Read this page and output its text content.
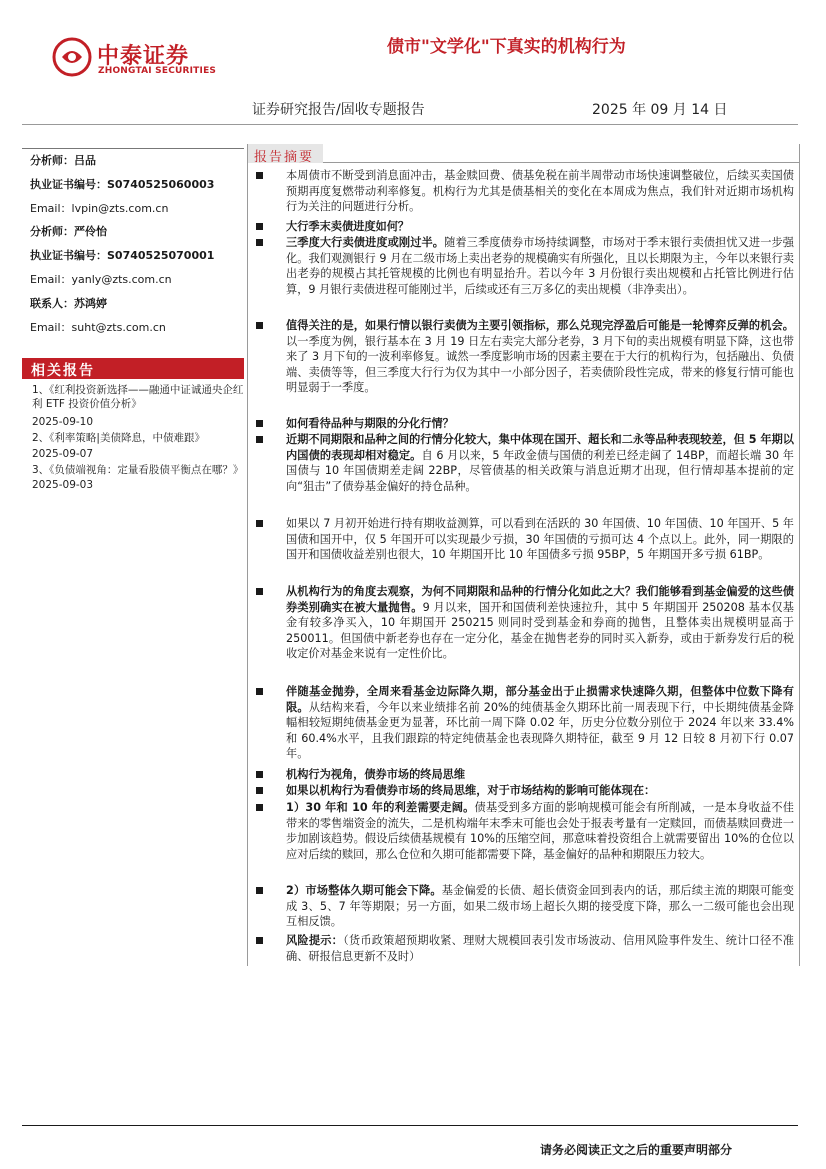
中泰证券
ZHONGTAI SECURITIES
债市"文学化"下真实的机构行为
证券研究报告/固收专题报告	2025 年 09 月 14 日
分析师：吕品
执业证书编号：S0740525060003
Email：lvpin@zts.com.cn
分析师：严伶怡
执业证书编号：S0740525070001
Email：yanly@zts.com.cn
联系人：苏鸿婷
Email：suht@zts.com.cn
相关报告
1、《红利投资新选择——融通中证诚通央企红利 ETF 投资价值分析》
2025-09-10
2、《利率策略|美债降息，中债难跟》
2025-09-07
3、《负债端视角：定量看股债平衡点在哪？》
2025-09-03
报告摘要
本周债市不断受到消息面冲击，基金赎回费、债基免税在前半周带动市场快速调整破位，后续买卖国债预期再度复燃带动利率修复。机构行为尤其是债基相关的变化在本周成为焦点，我们针对近期市场机构行为关注的问题进行分析。
大行季末卖债进度如何？
三季度大行卖债进度或刚过半。随着三季度债券市场持续调整，市场对于季末银行卖债担忧又进一步强化。我们观测银行 9 月在二级市场上卖出老券的规模确实有所强化，且以长期限为主，今年以来银行卖出老券的规模占其托管规模的比例也有明显抬升。若以今年 3 月份银行卖出规模和占托管比例进行估算，9 月银行卖债进程可能刚过半，后续或还有三万多亿的卖出规模（非净卖出）。
值得关注的是，如果行情以银行卖债为主要引领指标，那么兑现完浮盈后可能是一轮博弈反弹的机会。以一季度为例，银行基本在 3 月 19 日左右卖完大部分老券，3 月下旬的卖出规模有明显下降，这也带来了 3 月下旬的一波利率修复。诚然一季度影响市场的因素主要在于大行的机构行为，包括融出、负债端、卖债等等，但三季度大行行为仅为其中一小部分因子，若卖债阶段性完成，带来的修复行情可能也明显弱于一季度。
如何看待品种与期限的分化行情？
近期不同期限和品种之间的行情分化较大，集中体现在国开、超长和二永等品种表现较差，但 5 年期以内国债的表现却相对稳定。自 6 月以来，5 年政金债与国债的利差已经走阔了 14BP，而超长端 30 年国债与 10 年国债期差走阔 22BP，尽管债基的相关政策与消息近期才出现，但行情却基本提前的定向“狙击”了债券基金偏好的持仓品种。
如果以 7 月初开始进行持有期收益测算，可以看到在活跃的 30 年国债、10 年国债、10 年国开、5 年国债和国开中，仅 5 年国开可以实现最少亏损，30 年国债的亏损可达 4 个点以上。此外，同一期限的国开和国债收益差别也很大，10 年期国开比 10 年国债多亏损 95BP，5 年期国开多亏损 61BP。
从机构行为的角度去观察，为何不同期限和品种的行情分化如此之大？我们能够看到基金偏爱的这些债券类别确实在被大量抛售。9 月以来，国开和国债利差快速拉升，其中 5 年期国开 250208 基本仅基金有较多净买入，10 年期国开 250215 则同时受到基金和券商的抛售，且整体卖出规模明显高于 250011。但国债中新老券也存在一定分化，基金在抛售老券的同时买入新券，或由于新券发行后的税收定价对基金来说有一定性价比。
伴随基金抛券，全周来看基金边际降久期，部分基金出于止损需求快速降久期，但整体中位数下降有限。从结构来看，今年以来业绩排名前 20%的纯债基金久期环比前一周表现下行，中长期纯债基金降幅相较短期纯债基金更为显著，环比前一周下降 0.02 年，历史分位数分别位于 2024 年以来 33.4%和 60.4%水平，且我们跟踪的特定纯债基金也表现降久期特征，截至 9 月 12 日较 8 月初下行 0.07 年。
机构行为视角，债券市场的终局思维
如果以机构行为看债券市场的终局思维，对于市场结构的影响可能体现在：
1）30 年和 10 年的利差需要走阔。债基受到多方面的影响规模可能会有所削减，一是本身收益不佳带来的零售端资金的流失，二是机构端年末季末可能也会处于报表考量有一定赎回，而债基赎回费进一步加剧该趋势。假设后续债基规模有 10%的压缩空间，那意味着投资组合上就需要留出 10%的仓位以应对后续的赎回，那么仓位和久期可能都需要下降，基金偏好的品种和期限压力较大。
2）市场整体久期可能会下降。基金偏爱的长债、超长债资金回到表内的话，那后续主流的期限可能变成 3、5、7 年等期限；另一方面，如果二级市场上超长久期的接受度下降，那么一二级可能也会出现互相反馈。
风险提示：（货币政策超预期收紧、理财大规模回表引发市场波动、信用风险事件发生、统计口径不准确、研报信息更新不及时）
请务必阅读正文之后的重要声明部分
